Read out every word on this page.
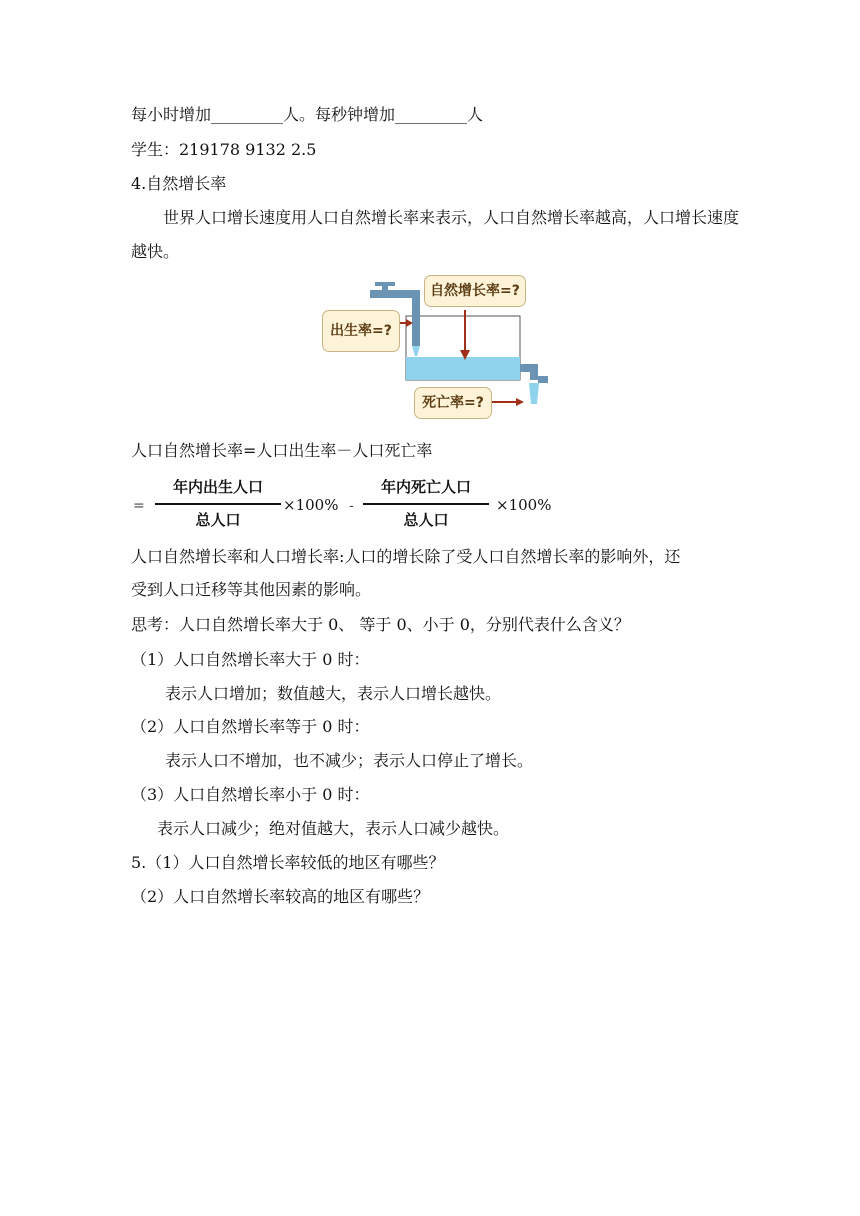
每小时增加_________人。每秒钟增加_________人
学生：219178 9132 2.5
4.自然增长率
世界人口增长速度用人口自然增长率来表示，人口自然增长率越高，人口增长速度越快。
自然增长率=?
出生率=?
死亡率=?
人口自然增长率=人口出生率－人口死亡率
=
年内出生人口
总人口
×100% -
年内死亡人口
总人口
×100%
人口自然增长率和人口增长率:人口的增长除了受人口自然增长率的影响外，还
受到人口迁移等其他因素的影响。
思考：人口自然增长率大于 0、 等于 0、小于 0，分别代表什么含义？
（1）人口自然增长率大于 0 时：
表示人口增加；数值越大，表示人口增长越快。
（2）人口自然增长率等于 0 时：
表示人口不增加，也不减少；表示人口停止了增长。
（3）人口自然增长率小于 0 时：
表示人口减少；绝对值越大，表示人口减少越快。
5.（1）人口自然增长率较低的地区有哪些？
（2）人口自然增长率较高的地区有哪些？
